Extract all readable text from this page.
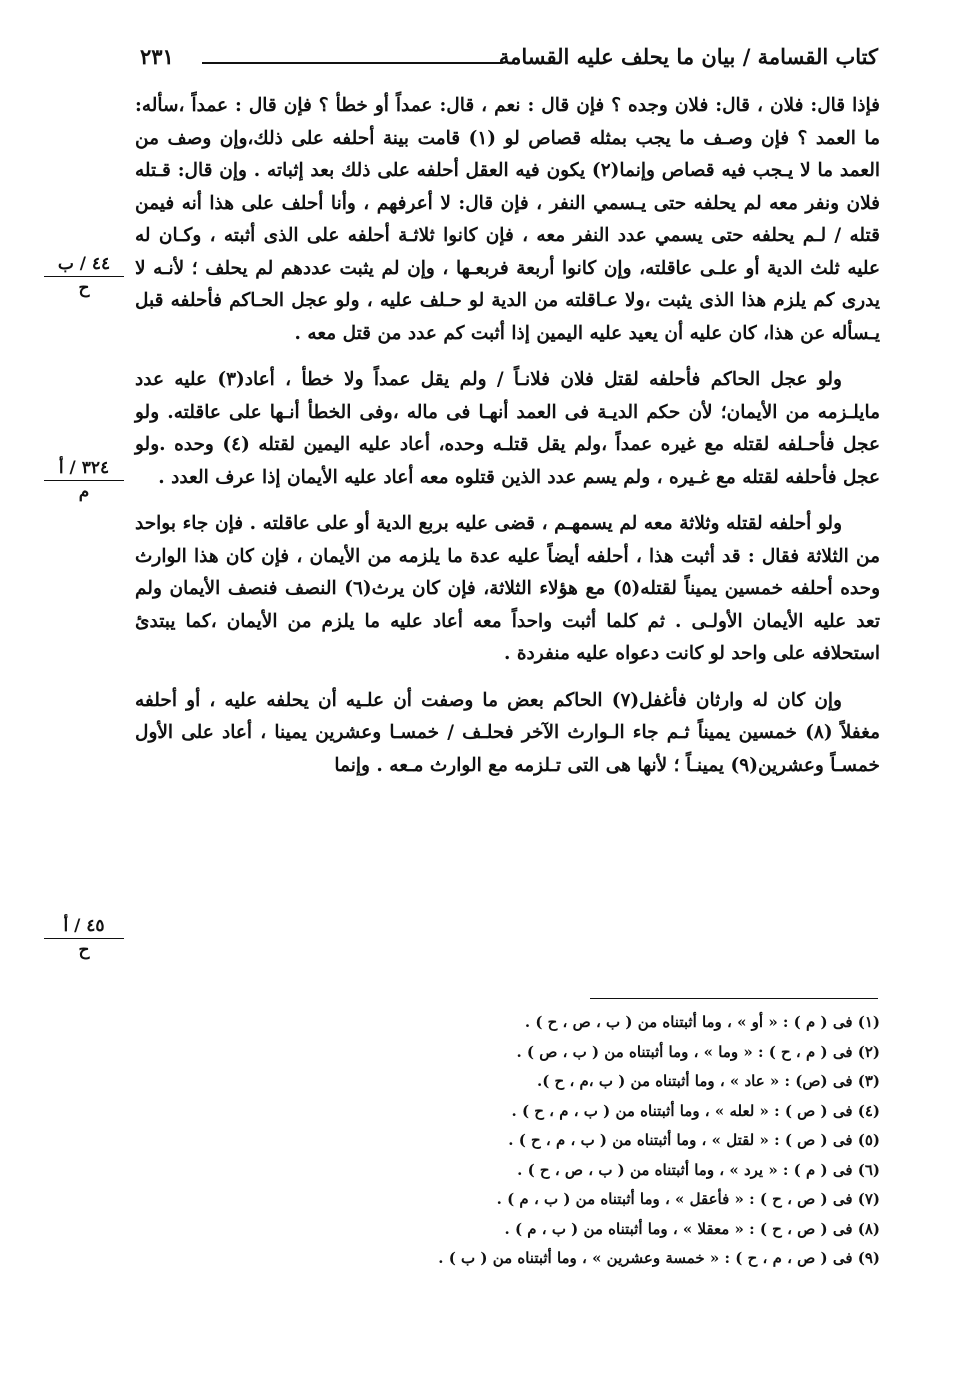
كتاب القسامة / بيان ما يحلف عليه القسامة
٢٣١
٤٤ / ب
ح
٣٢٤ / أ
م
٤٥ / أ
ح

فإذا قال: فلان ، قال: فلان وجده ؟ فإن قال : نعم ، قال: عمداً أو خطأ ؟ فإن قال : عمداً ،سأله: ما العمد ؟ فإن وصـف ما يجب بمثله قصاص لو (١) قامت بينة أحلفه على ذلك،وإن وصف من العمد ما لا يـجب فيه قصاص وإنما(٢) يكون فيه العقل أحلفه على ذلك بعد إثباته . وإن قال: قـتله فلان ونفر معه لم يحلفه حتى يـسمي النفر ، فإن قال: لا أعرفهم ، وأنا أحلف على هذا أنه فيمن قتله / لـم يحلفه حتى يسمي عدد النفر معه ، فإن كانوا ثلاثـة أحلفه على الذى أثبته ، وكـان له عليه ثلث الدية أو علـى عاقلته، وإن كانوا أربعة فربعـها ، وإن لم يثبت عددهم لم يحلف ؛ لأنـه لا يدرى كم يلزم هذا الذى يثبت ،ولا عـاقلته من الدية لو حـلف عليه ، ولو عجل الحـاكم فأحلفه قبل يـسأله عن هذا، كان عليه أن يعيد عليه اليمين إذا أثبت كم عدد من قتل معه .

ولو عجل الحاكم فأحلفه لقتل فلان فلانـاً / ولم يقل عمداً ولا خطأ ، أعاد(٣) عليه عدد مايلـزمه من الأيمان؛ لأن حكم الديـة فى العمد أنهـا فى ماله ،وفى الخطأ أنـها على عاقلته. ولو عجل فأحـلفه لقتله مع غيره عمداً ،ولم يقل قتلـه وحده، أعاد عليه اليمين لقتله (٤) وحده .ولو عجل فأحلفه لقتله مع غـيره ، ولم يسم عدد الذين قتلوه معه أعاد عليه الأيمان إذا عرف العدد .

ولو أحلفه لقتله وثلاثة معه لم يسمهـم ، قضى عليه بربع الدية أو على عاقلته . فإن جاء بواحد من الثلاثة فقال : قد أثبت هذا ، أحلفه أيضاً عليه عدة ما يلزمه من الأيمان ، فإن كان هذا الوارث وحده أحلفه خمسين يميناً لقتله(٥) مع هؤلاء الثلاثة، فإن كان يرث(٦) النصف فنصف الأيمان ولم تعد عليه الأيمان الأولـى . ثم كلما أثبت واحداً معه أعاد عليه ما يلزم من الأيمان ،كما يبتدئ استحلافه على واحد لو كانت دعواه عليه منفردة .

وإن كان له وارثان فأغفل(٧) الحاكم بعض ما وصفت أن علـيه أن يحلفه عليه ، أو أحلفه مغفلاً (٨) خمسين يميناً ثـم جاء الـوارث الآخر فحلـف / خمسـا وعشرين يمينا ، أعاد على الأول خمسـاً وعشرين(٩) يمينـاً ؛ لأنها هى التى تـلزمه مع الوارث مـعه . وإنما

(١) فى ( م ) : « أو » ، وما أثبتناه من ( ب ، ص ، ح ) .
(٢) فى ( م ، ح ) : « وما » ، وما أثبتناه من ( ب ، ص ) .
(٣) فى (ص) : « عاد » ، وما أثبتناه من ( ب ،م ، ح ).
(٤) فى ( ص ) : « لعله » ، وما أثبتناه من ( ب ، م ، ح ) .
(٥) فى ( ص ) : « لقتل » ، وما أثبتناه من ( ب ، م ، ح ) .
(٦) فى ( م ) : « يرد » ، وما أثبتناه من ( ب ، ص ، ح ) .
(٧) فى ( ص ، ح ) : « فأعقل » ، وما أثبتناه من ( ب ، م ) .
(٨) فى ( ص ، ح ) : « معقلا » ، وما أثبتناه من ( ب ، م ) .
(٩) فى ( ص ، م ، ح ) : « خمسة وعشرين » ، وما أثبتناه من ( ب ) .
